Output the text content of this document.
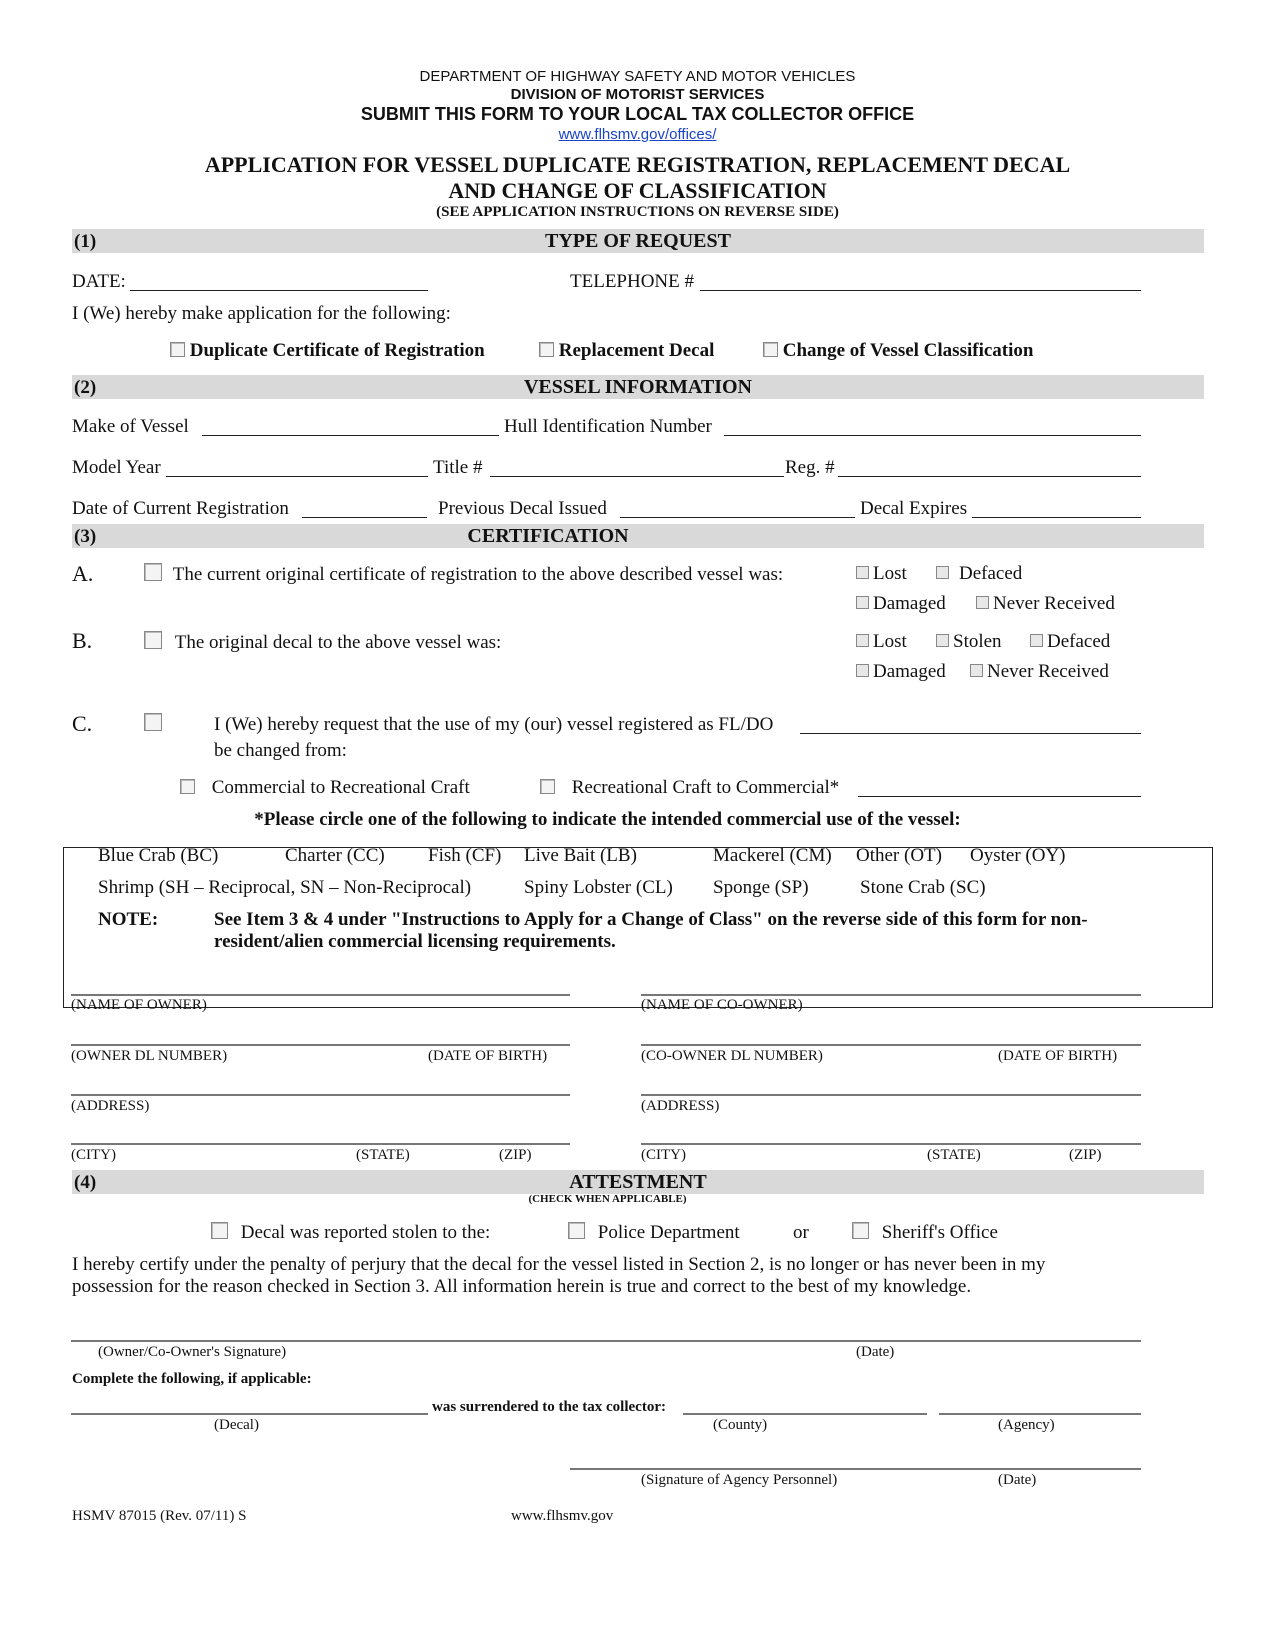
DEPARTMENT OF HIGHWAY SAFETY AND MOTOR VEHICLES
DIVISION OF MOTORIST SERVICES
SUBMIT THIS FORM TO YOUR LOCAL TAX COLLECTOR OFFICE
www.flhsmv.gov/offices/
APPLICATION FOR VESSEL DUPLICATE REGISTRATION, REPLACEMENT DECAL
AND CHANGE OF CLASSIFICATION
(SEE APPLICATION INSTRUCTIONS ON REVERSE SIDE)
(1)	TYPE OF REQUEST
DATE:	TELEPHONE #
I (We) hereby make application for the following:
Duplicate Certificate of Registration	Replacement Decal	Change of Vessel Classification
(2)	VESSEL INFORMATION
Make of Vessel	Hull Identification Number
Model Year	Title #	Reg. #
Date of Current Registration	Previous Decal Issued	Decal Expires
(3)	CERTIFICATION
A.	The current original certificate of registration to the above described vessel was:	Lost	Defaced
Damaged	Never Received
B.	The original decal to the above vessel was:	Lost	Stolen	Defaced
Damaged	Never Received
C.	I (We) hereby request that the use of my (our) vessel registered as FL/DO
be changed from:
Commercial to Recreational Craft	Recreational Craft to Commercial*
*Please circle one of the following to indicate the intended commercial use of the vessel:
Blue Crab (BC)	Charter (CC) Fish (CF) Live Bait (LB)	Mackerel (CM) Other (OT) Oyster (OY)
Shrimp (SH – Reciprocal, SN – Non-Reciprocal)	Spiny Lobster (CL) Sponge (SP)	Stone Crab (SC)
NOTE:	See Item 3 & 4 under "Instructions to Apply for a Change of Class" on the reverse side of this form for non-
resident/alien commercial licensing requirements.
(NAME OF OWNER)
(OWNER DL NUMBER)	(DATE OF BIRTH)
(ADDRESS)
(CITY)	(STATE)	(ZIP)
(NAME OF CO-OWNER)
(CO-OWNER DL NUMBER)	(DATE OF BIRTH)
(ADDRESS)
(CITY)	(STATE)	(ZIP)
(4)	ATTESTMENT
(CHECK WHEN APPLICABLE)
Decal was reported stolen to the:	Police Department	or	Sheriff's Office
I hereby certify under the penalty of perjury that the decal for the vessel listed in Section 2, is no longer or has never been in my
possession for the reason checked in Section 3. All information herein is true and correct to the best of my knowledge.
(Owner/Co-Owner's Signature)	(Date)
Complete the following, if applicable:
was surrendered to the tax collector:
(Decal)	(County)	(Agency)
(Signature of Agency Personnel)	(Date)
HSMV 87015 (Rev. 07/11) S	www.flhsmv.gov
